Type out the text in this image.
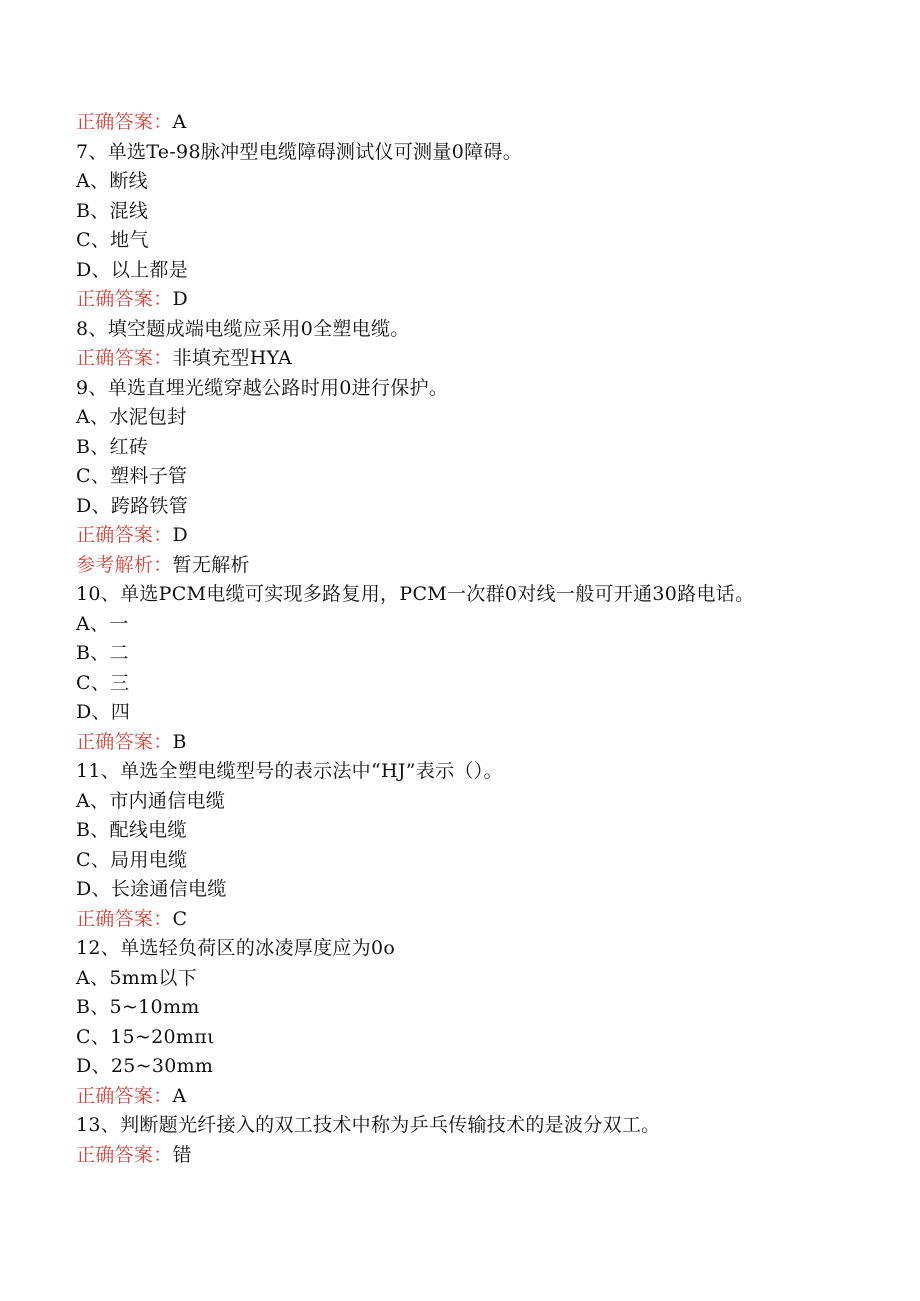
正确答案：A
7、单选Te-98脉冲型电缆障碍测试仪可测量0障碍。
A、断线
B、混线
C、地气
D、以上都是
正确答案：D
8、填空题成端电缆应采用0全塑电缆。
正确答案：非填充型HYA
9、单选直埋光缆穿越公路时用0进行保护。
A、水泥包封
B、红砖
C、塑料子管
D、跨路铁管
正确答案：D
参考解析：暂无解析
10、单选PCM电缆可实现多路复用，PCM一次群0对线一般可开通30路电话。
A、一
B、二
C、三
D、四
正确答案：B
11、单选全塑电缆型号的表示法中“HJ”表示（）。
A、市内通信电缆
B、配线电缆
C、局用电缆
D、长途通信电缆
正确答案：C
12、单选轻负荷区的冰凌厚度应为0o
A、5mm以下
B、5~10mm
C、15~20mπι
D、25~30mm
正确答案：A
13、判断题光纤接入的双工技术中称为乒乓传输技术的是波分双工。
正确答案：错
